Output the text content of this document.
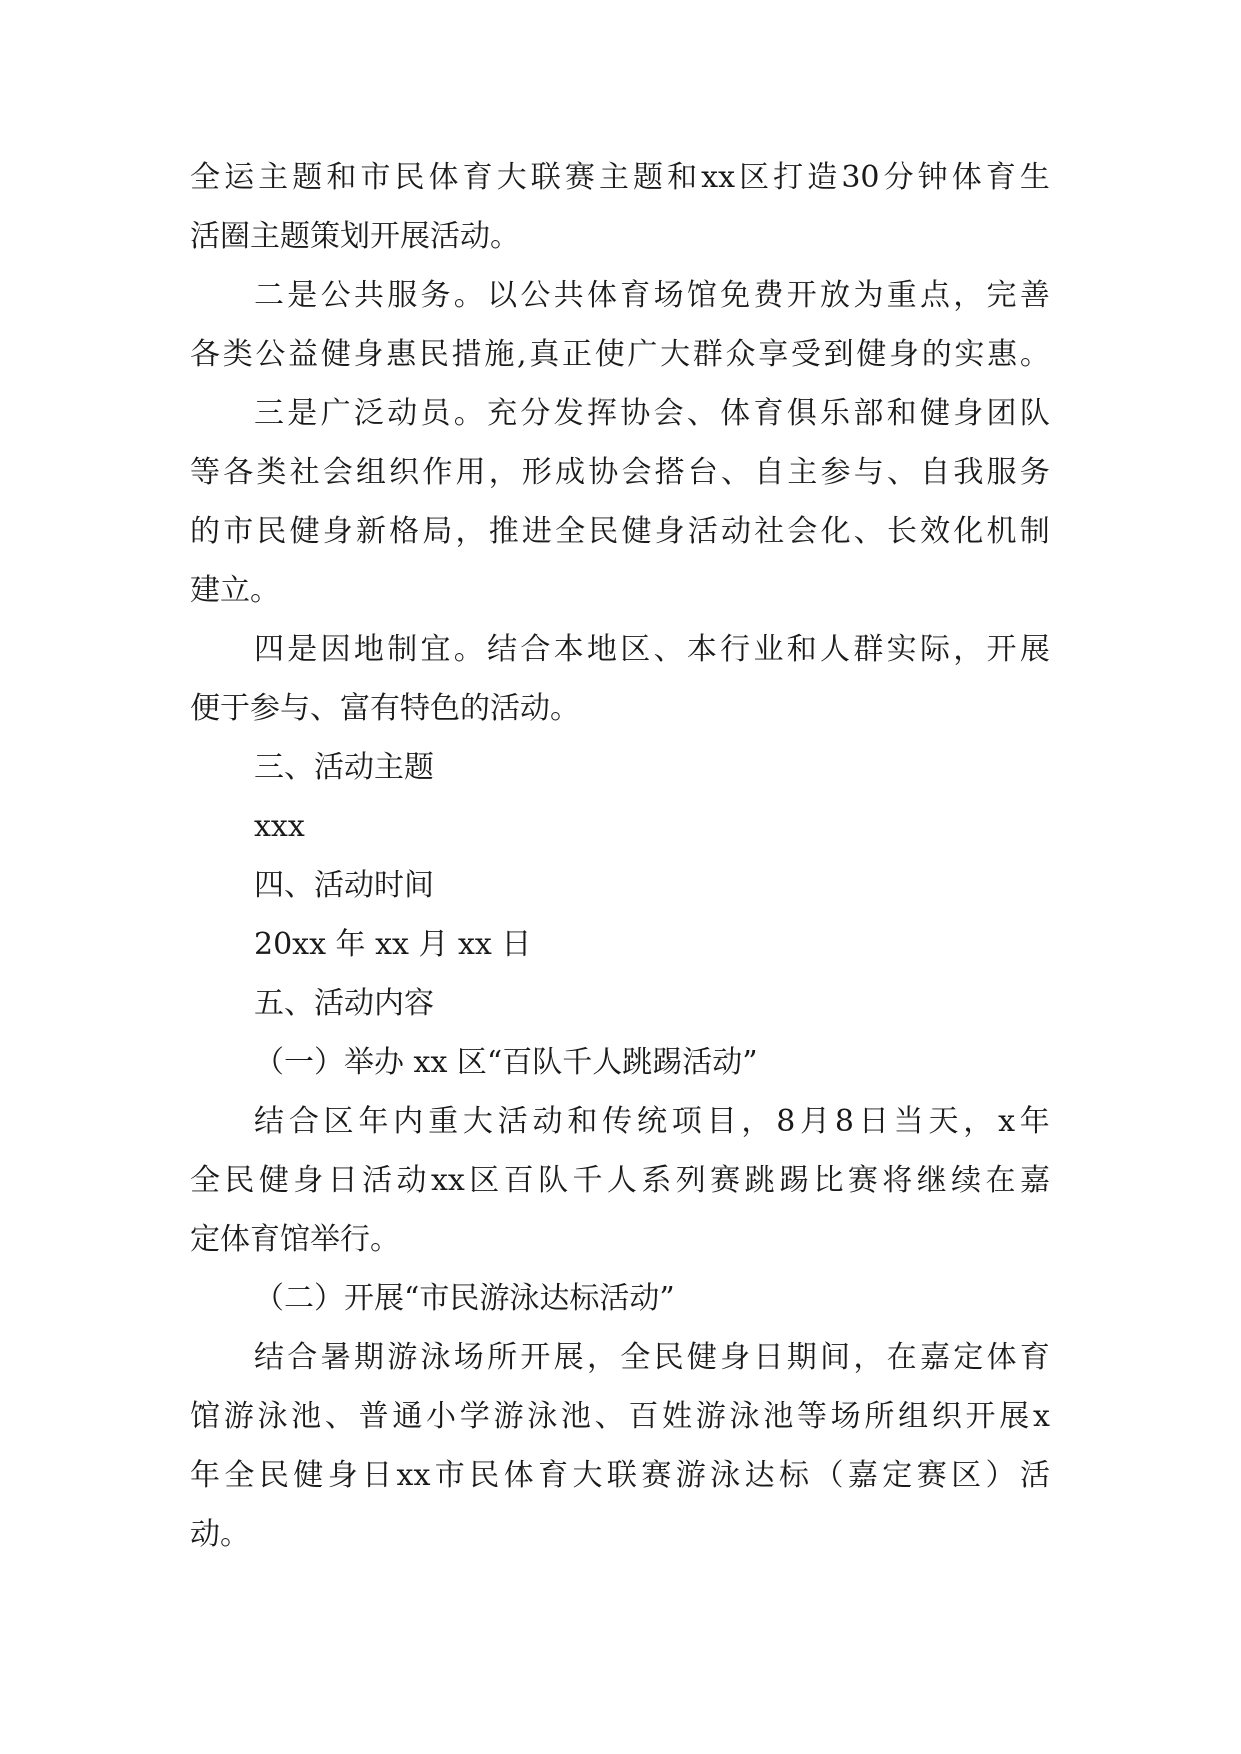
全 运 主 题 和 市 民 体 育 大 联 赛 主 题 和 xx 区 打 造 30 分 钟 体 育 生
活圈主题策划开展活动。
二 是 公 共 服 务 。 以 公 共 体 育 场 馆 免 费 开 放 为 重 点 ， 完 善
各 类 公 益 健 身 惠 民 措 施 , 真 正 使 广 大 群 众 享 受 到 健 身 的 实 惠 。
三 是 广 泛 动 员 。 充 分 发 挥 协 会 、 体 育 俱 乐 部 和 健 身 团 队
等 各 类 社 会 组 织 作 用 ， 形 成 协 会 搭 台 、 自 主 参 与 、 自 我 服 务
的 市 民 健 身 新 格 局 ， 推 进 全 民 健 身 活 动 社 会 化 、 长 效 化 机 制
建立。
四 是 因 地 制 宜 。 结 合 本 地 区 、 本 行 业 和 人 群 实 际 ， 开 展
便于参与、富有特色的活动。
三、活动主题
xxx
四、活动时间
20xx 年 xx 月 xx 日
五、活动内容
（一）举办 xx 区“百队千人跳踢活动”
结 合 区 年 内 重 大 活 动 和 传 统 项 目 ， 8 月 8 日 当 天 ， x 年
全 民 健 身 日 活 动 xx 区 百 队 千 人 系 列 赛 跳 踢 比 赛 将 继 续 在 嘉
定体育馆举行。
（二）开展“市民游泳达标活动”
结 合 暑 期 游 泳 场 所 开 展 ， 全 民 健 身 日 期 间 ， 在 嘉 定 体 育
馆 游 泳 池 、 普 通 小 学 游 泳 池 、 百 姓 游 泳 池 等 场 所 组 织 开 展 x
年 全 民 健 身 日 xx 市 民 体 育 大 联 赛 游 泳 达 标 （ 嘉 定 赛 区 ） 活
动。
